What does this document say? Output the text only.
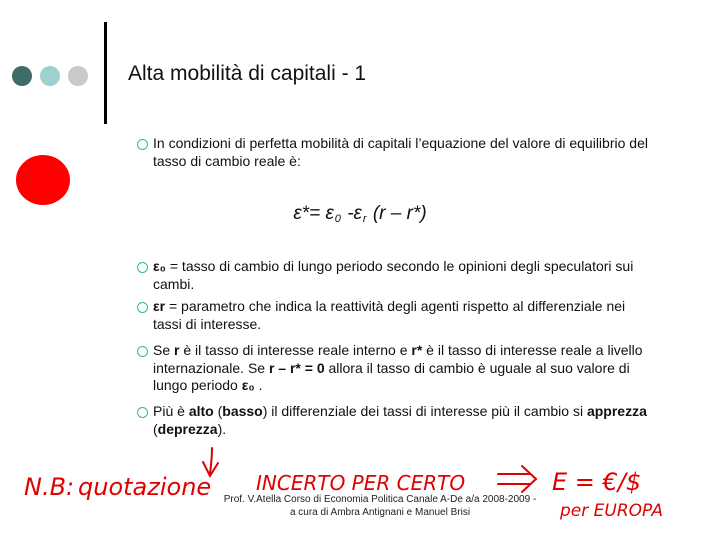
Alta mobilità di capitali - 1
In condizioni di perfetta mobilità di capitali l’equazione del valore di equilibrio del tasso di cambio reale è:
$\varepsilon*= \varepsilon_0$ $-\varepsilon_r$ (r – r*)
ε₀ = tasso di cambio di lungo periodo secondo le opinioni degli speculatori sui cambi.
εr = parametro che indica la reattività degli agenti rispetto al differenziale nei tassi di interesse.
Se r è il tasso di interesse reale interno e r* è il tasso di interesse reale a livello internazionale. Se r – r* = 0 allora il tasso di cambio è uguale al suo valore di lungo periodo ε₀ .
Più è alto (basso) il differenziale dei tassi di interesse più il cambio si apprezza (deprezza).
N.B: quotazione INCERTO PER CERTO	E = €/$
per EUROPA
Prof. V.Atella Corso di Economia Politica Canale A-De a/a 2008-2009 -
a cura di Ambra Antignani e Manuel Brisi
